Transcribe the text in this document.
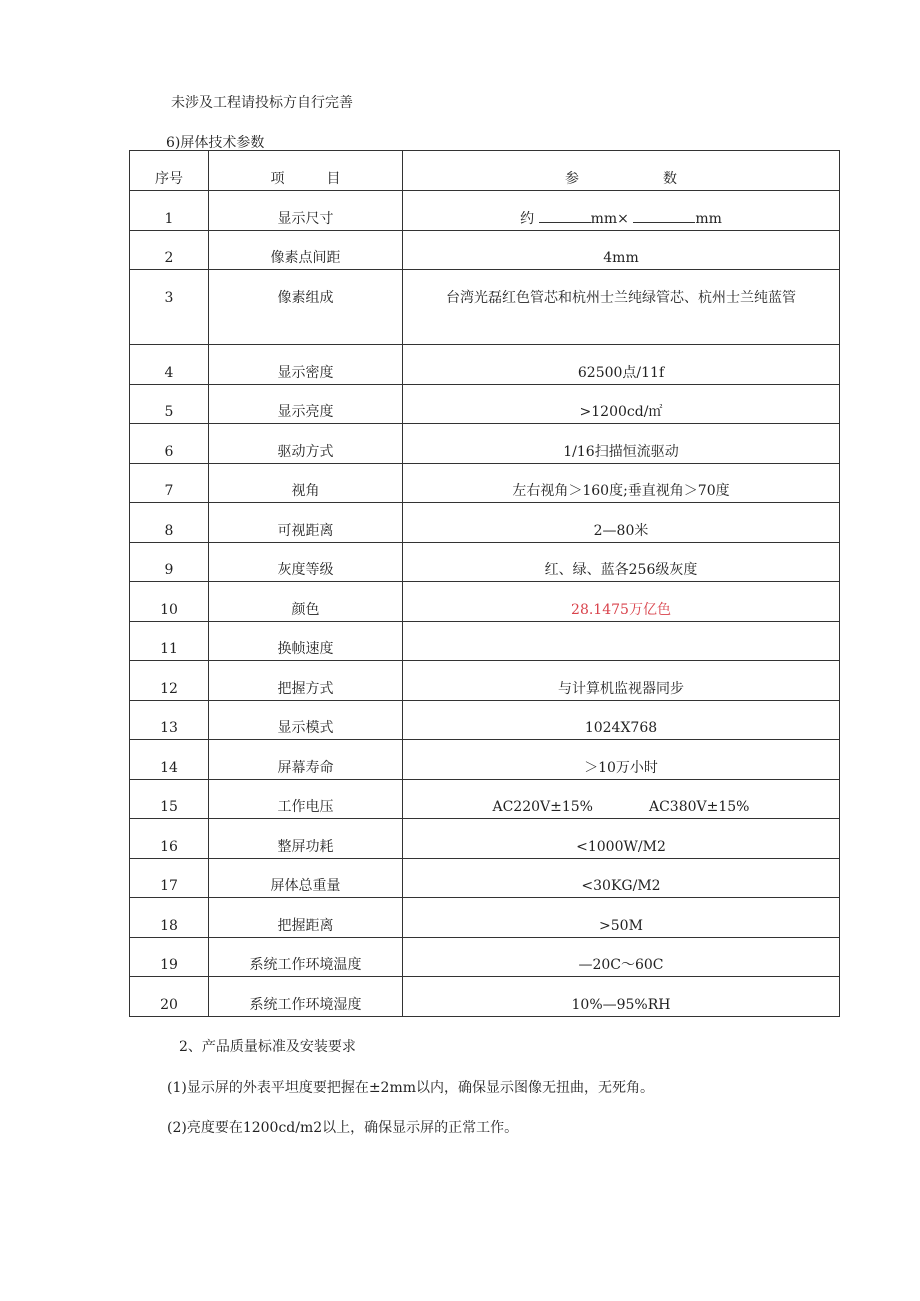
未涉及工程请投标方自行完善
6)屏体技术参数
序号	项　　　目	参　　　　　　数
1	显示尺寸	约 mm× mm
2	像素点间距	4mm
3	像素组成	台湾光磊红色管芯和杭州士兰纯绿管芯、杭州士兰纯蓝管
4	显示密度	62500点/11f
5	显示亮度	>1200cd/㎡
6	驱动方式	1/16扫描恒流驱动
7	视角	左右视角＞160度;垂直视角＞70度
8	可视距离	2—80米
9	灰度等级	红、绿、蓝各256级灰度
10	颜色	28.1475万亿色
11	换帧速度	
12	把握方式	与计算机监视器同步
13	显示模式	1024X768
14	屏幕寿命	＞10万小时
15	工作电压	AC220V±15%　　　　AC380V±15%
16	整屏功耗	<1000W/M2
17	屏体总重量	<30KG/M2
18	把握距离	>50M
19	系统工作环境温度	—20C～60C
20	系统工作环境湿度	10%—95%RH
2、产品质量标准及安装要求
(1)显示屏的外表平坦度要把握在±2mm以内，确保显示图像无扭曲，无死角。
(2)亮度要在1200cd/m2以上，确保显示屏的正常工作。
